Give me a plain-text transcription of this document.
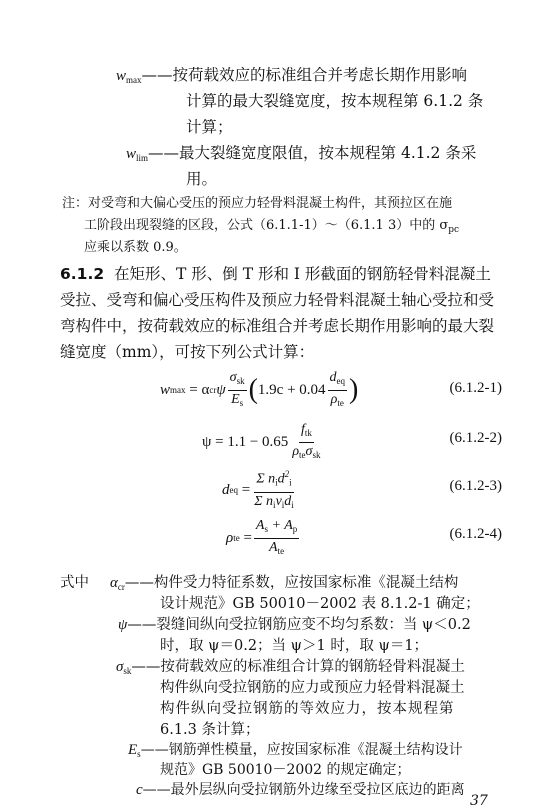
$w_{max}——$按荷载效应的标准组合并考虑长期作用影响
计算的最大裂缝宽度，按本规程第 6.1.2 条
计算；
$w_{lim}——$最大裂缝宽度限值，按本规程第 4.1.2 条采
用。
注：对受弯和大偏心受压的预应力轻骨料混凝土构件，其预拉区在施
工阶段出现裂缝的区段，公式（6.1.1-1）～（6.1.1 3）中的 $\sigma_{pc}$
应乘以系数 0.9。
6.1.2 在矩形、T 形、倒 T 形和 I 形截面的钢筋轻骨料混凝土
受拉、受弯和偏心受压构件及预应力轻骨料混凝土轴心受拉和受
弯构件中，按荷载效应的标准组合并考虑长期作用影响的最大裂
缝宽度（mm），可按下列公式计算：
w max = α cr ψ $\frac{\sigma_{sk}}{E_s}$ ( $1.9c + 0.04 \frac{d_{eq}}{\rho_{te}}$ )	(6.1.2-1)
$\psi = 1.1 - 0.65 \frac{f_{tk}}{\rho_{te}\sigma_{sk}}$	(6.1.2-2)
d eq = $\frac{\Sigma n_id^2_i}{\Sigma n_i\nu_id_i}$	(6.1.2-3)
ρ te = $\frac{A_s + A_p}{A_{te}}$	(6.1.2-4)
式中 $\alpha_{cr}——$构件受力特征系数，应按国家标准《混凝土结构
设计规范》GB 50010－2002 表 8.1.2-1 确定；
ψ——裂缝间纵向受拉钢筋应变不均匀系数：当 ψ＜0.2
时，取 ψ＝0.2；当 ψ＞1 时，取 ψ＝1；
$\sigma_{sk}——$按荷载效应的标准组合计算的钢筋轻骨料混凝土
构件纵向受拉钢筋的应力或预应力轻骨料混凝土
构件纵向受拉钢筋的等效应力，按本规程第
6.1.3 条计算；
$E_s——$钢筋弹性模量，应按国家标准《混凝土结构设计
规范》GB 50010－2002 的规定确定；
c——最外层纵向受拉钢筋外边缘至受拉区底边的距离
37
